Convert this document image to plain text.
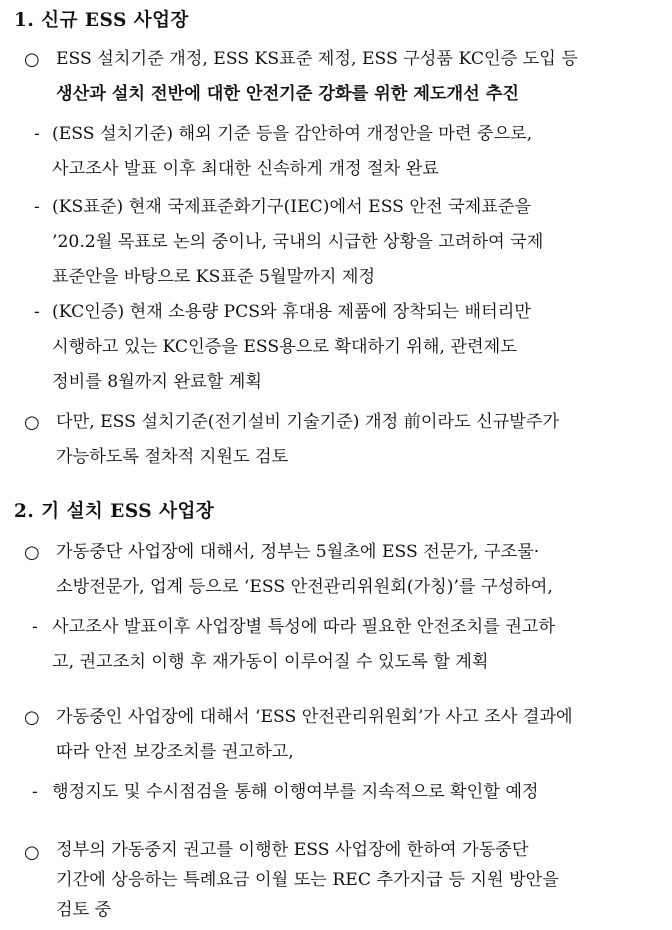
1. 신규 ESS 사업장
○ ESS 설치기준 개정, ESS KS표준 제정, ESS 구성품 KC인증 도입 등
생산과 설치 전반에 대한 안전기준 강화를 위한 제도개선 추진
- (ESS 설치기준) 해외 기준 등을 감안하여 개정안을 마련 중으로,
사고조사 발표 이후 최대한 신속하게 개정 절차 완료
- (KS표준) 현재 국제표준화기구(IEC)에서 ESS 안전 국제표준을
’20.2월 목표로 논의 중이나, 국내의 시급한 상황을 고려하여 국제
표준안을 바탕으로 KS표준 5월말까지 제정
- (KC인증) 현재 소용량 PCS와 휴대용 제품에 장착되는 배터리만
시행하고 있는 KC인증을 ESS용으로 확대하기 위해, 관련제도
정비를 8월까지 완료할 계획
○ 다만, ESS 설치기준(전기설비 기술기준) 개정 前이라도 신규발주가
가능하도록 절차적 지원도 검토
2. 기 설치 ESS 사업장
○ 가동중단 사업장에 대해서, 정부는 5월초에 ESS 전문가, 구조물·
소방전문가, 업계 등으로 ‘ESS 안전관리위원회(가칭)’를 구성하여,
- 사고조사 발표이후 사업장별 특성에 따라 필요한 안전조치를 권고하
고, 권고조치 이행 후 재가동이 이루어질 수 있도록 할 계획
○ 가동중인 사업장에 대해서 ‘ESS 안전관리위원회’가 사고 조사 결과에
따라 안전 보강조치를 권고하고,
- 행정지도 및 수시점검을 통해 이행여부를 지속적으로 확인할 예정
○ 정부의 가동중지 권고를 이행한 ESS 사업장에 한하여 가동중단
기간에 상응하는 특례요금 이월 또는 REC 추가지급 등 지원 방안을
검토 중
